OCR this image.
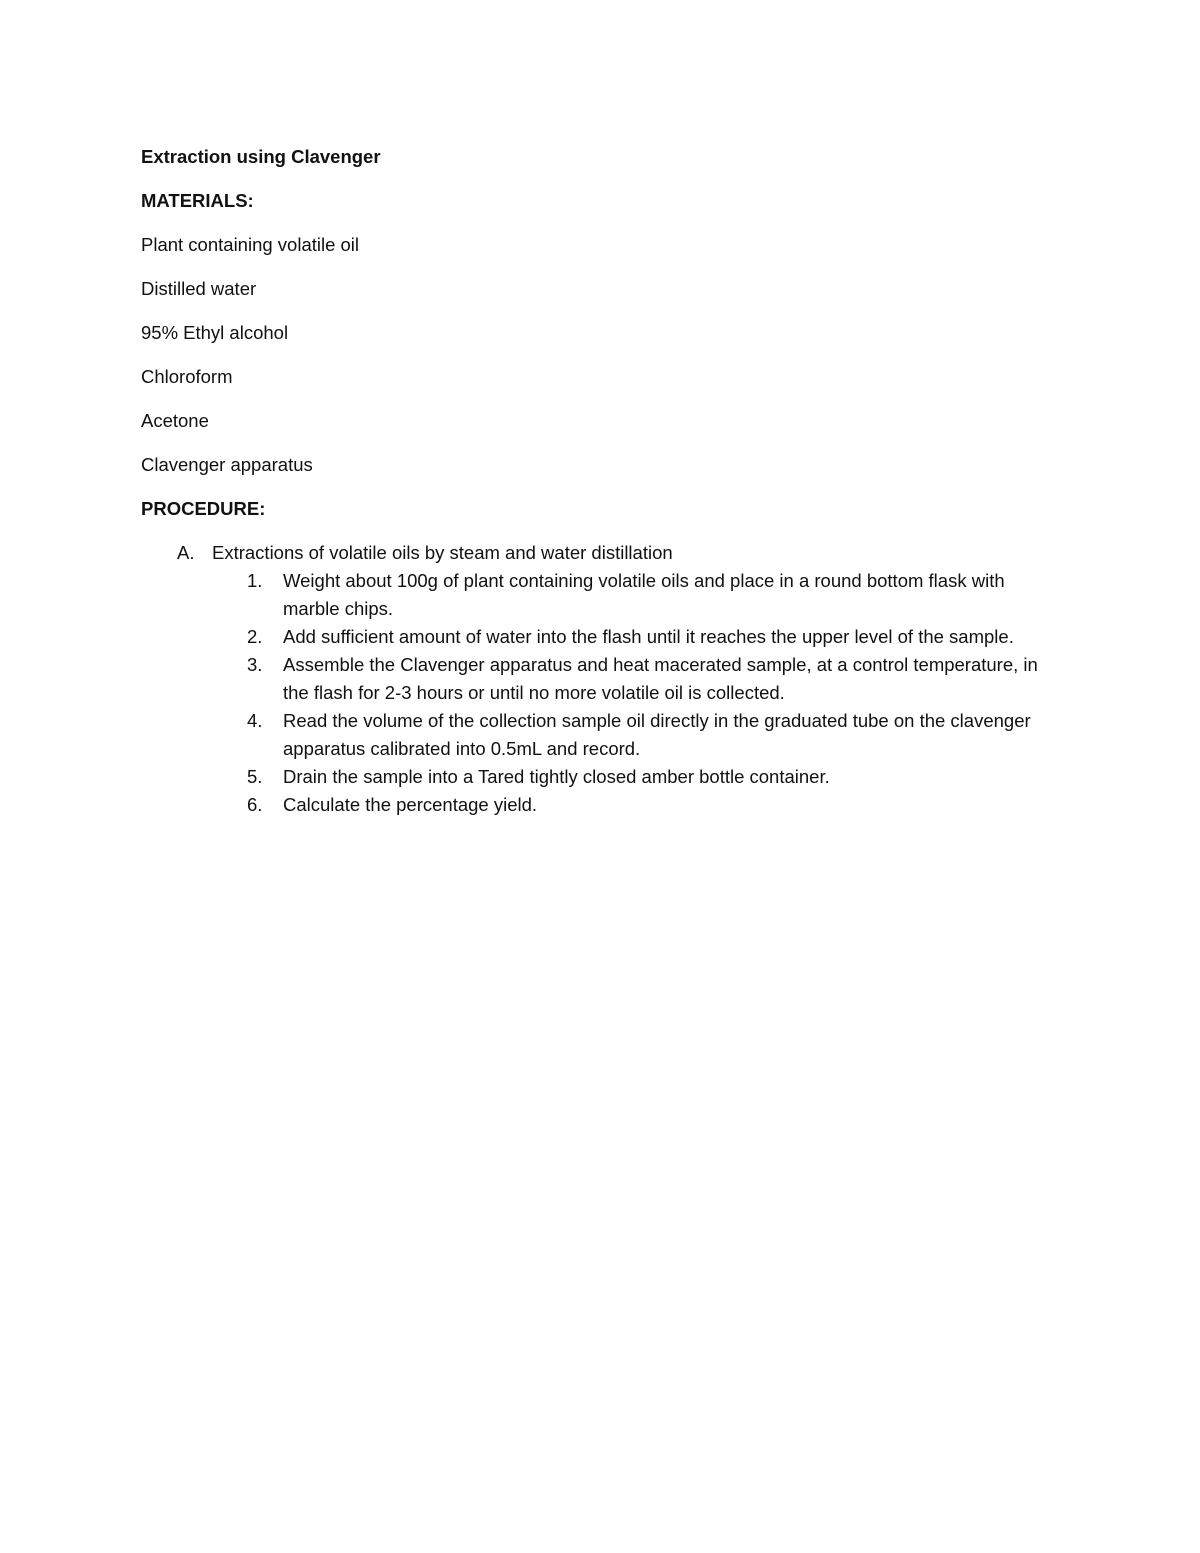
Extraction using Clavenger
MATERIALS:
Plant containing volatile oil
Distilled water
95% Ethyl alcohol
Chloroform
Acetone
Clavenger apparatus
PROCEDURE:
A. Extractions of volatile oils by steam and water distillation
1. Weight about 100g of plant containing volatile oils and place in a round bottom flask with marble chips.
2. Add sufficient amount of water into the flash until it reaches the upper level of the sample.
3. Assemble the Clavenger apparatus and heat macerated sample, at a control temperature, in the flash for 2-3 hours or until no more volatile oil is collected.
4. Read the volume of the collection sample oil directly in the graduated tube on the clavenger apparatus calibrated into 0.5mL and record.
5. Drain the sample into a Tared tightly closed amber bottle container.
6. Calculate the percentage yield.
